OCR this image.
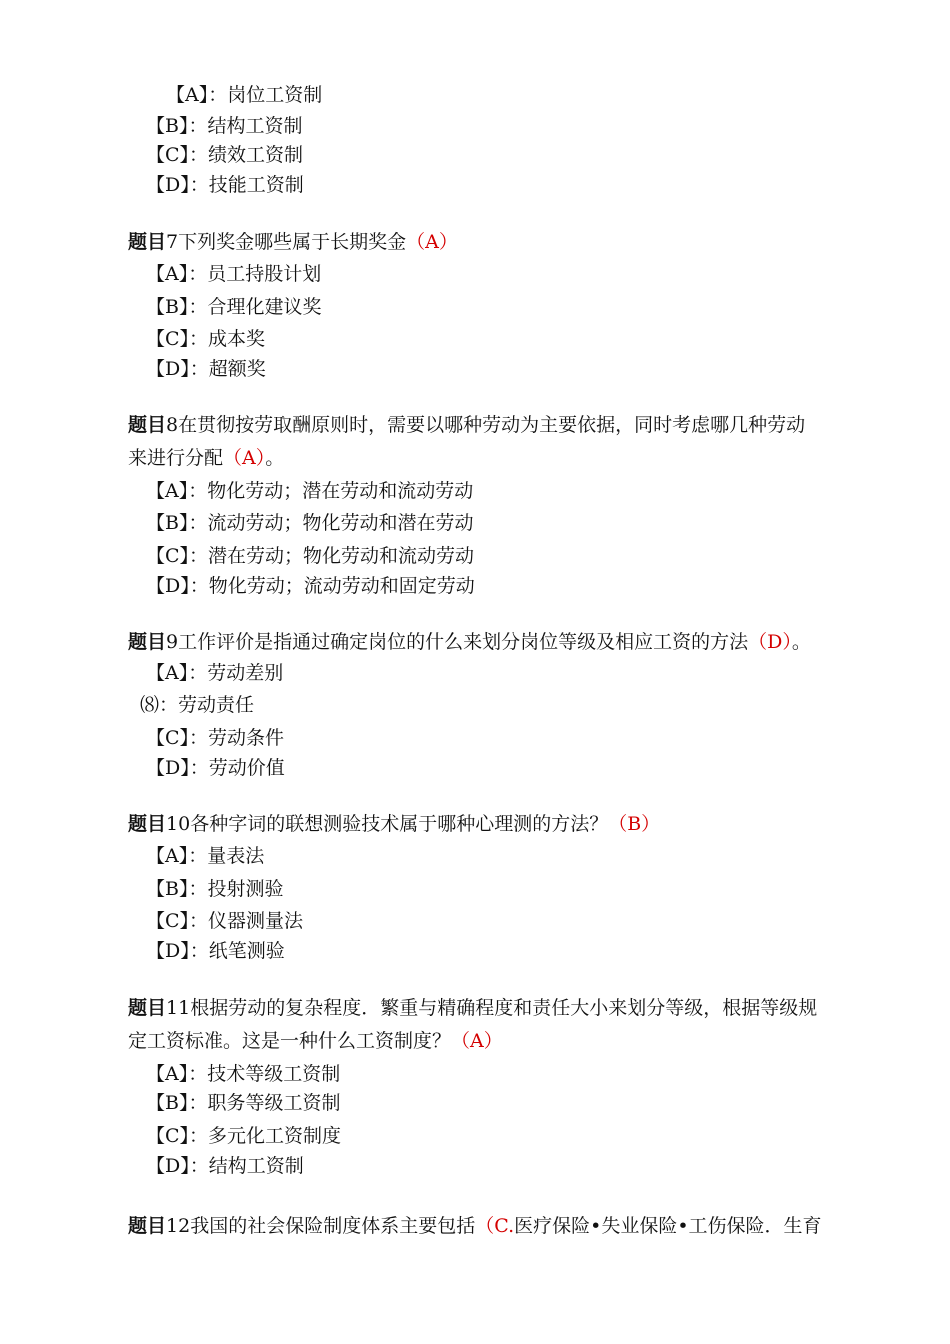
【A】：岗位工资制
【B】：结构工资制
【C】：绩效工资制
【D】：技能工资制
题目7下列奖金哪些属于长期奖金（A）
【A】：员工持股计划
【B】：合理化建议奖
【C】：成本奖
【D】：超额奖
题目8在贯彻按劳取酬原则时，需要以哪种劳动为主要依据，同时考虑哪几种劳动
来进行分配（A）。
【A】：物化劳动；潜在劳动和流动劳动
【B】：流动劳动；物化劳动和潜在劳动
【C】：潜在劳动；物化劳动和流动劳动
【D】：物化劳动；流动劳动和固定劳动
题目9工作评价是指通过确定岗位的什么来划分岗位等级及相应工资的方法（D）。
【A】：劳动差别
⑻：劳动责任
【C】：劳动条件
【D】：劳动价值
题目10各种字词的联想测验技术属于哪种心理测的方法？（B）
【A】：量表法
【B】：投射测验
【C】：仪器测量法
【D】：纸笔测验
题目11根据劳动的复杂程度．繁重与精确程度和责任大小来划分等级，根据等级规
定工资标准。这是一种什么工资制度？（A）
【A】：技术等级工资制
【B】：职务等级工资制
【C】：多元化工资制度
【D】：结构工资制
题目12我国的社会保险制度体系主要包括（C.医疗保险•失业保险•工伤保险．生育
